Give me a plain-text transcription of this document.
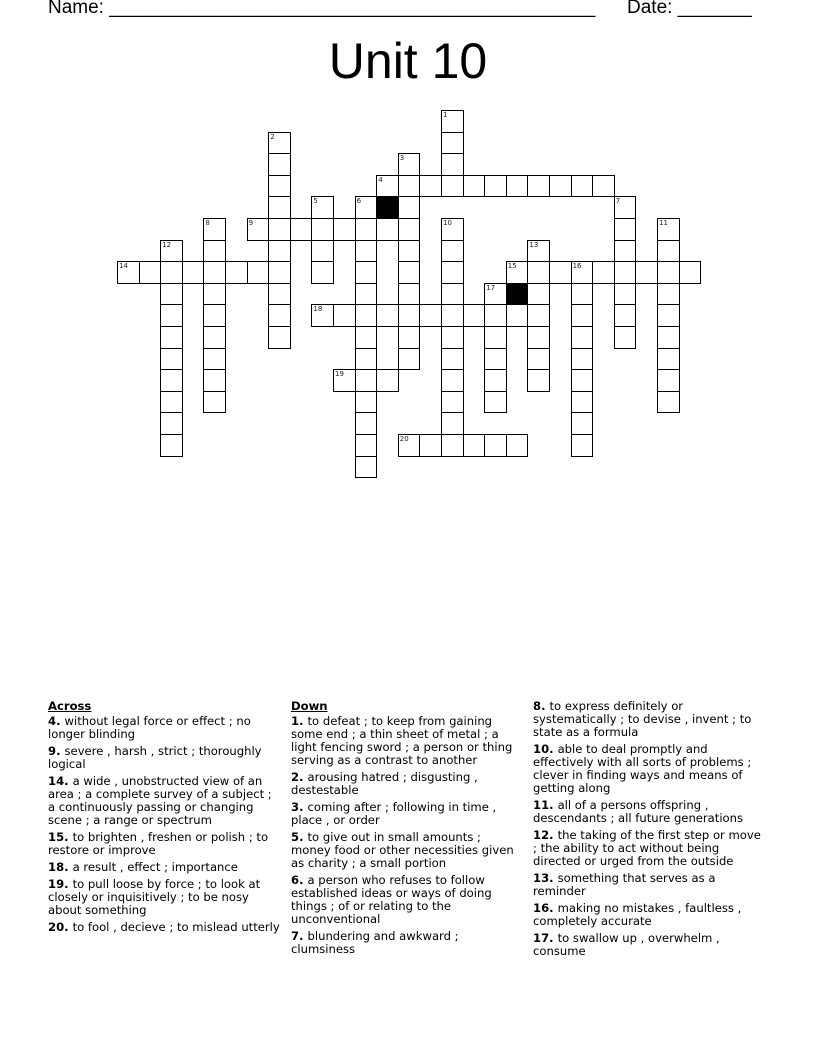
Name: ______________________________________________ Date: _______
Unit 10
1
2
3
4
5	6	7
8	9	10	11
12	13
14	15	16
17
18
19
20
Across
4. without legal force or effect ; no longer blinding
9. severe , harsh , strict ; thoroughly logical
14. a wide , unobstructed view of an area ; a complete survey of a subject ; a continuously passing or changing scene ; a range or spectrum
15. to brighten , freshen or polish ; to restore or improve
18. a result , effect ; importance
19. to pull loose by force ; to look at closely or inquisitively ; to be nosy about something
20. to fool , decieve ; to mislead utterly
Down
1. to defeat ; to keep from gaining some end ; a thin sheet of metal ; a light fencing sword ; a person or thing serving as a contrast to another
2. arousing hatred ; disgusting , destestable
3. coming after ; following in time , place , or order
5. to give out in small amounts ; money food or other necessities given as charity ; a small portion
6. a person who refuses to follow established ideas or ways of doing things ; of or relating to the unconventional
7. blundering and awkward ; clumsiness
8. to express definitely or systematically ; to devise , invent ; to state as a formula
10. able to deal promptly and effectively with all sorts of problems ; clever in finding ways and means of getting along
11. all of a persons offspring , descendants ; all future generations
12. the taking of the first step or move ; the ability to act without being directed or urged from the outside
13. something that serves as a reminder
16. making no mistakes , faultless , completely accurate
17. to swallow up , overwhelm , consume
